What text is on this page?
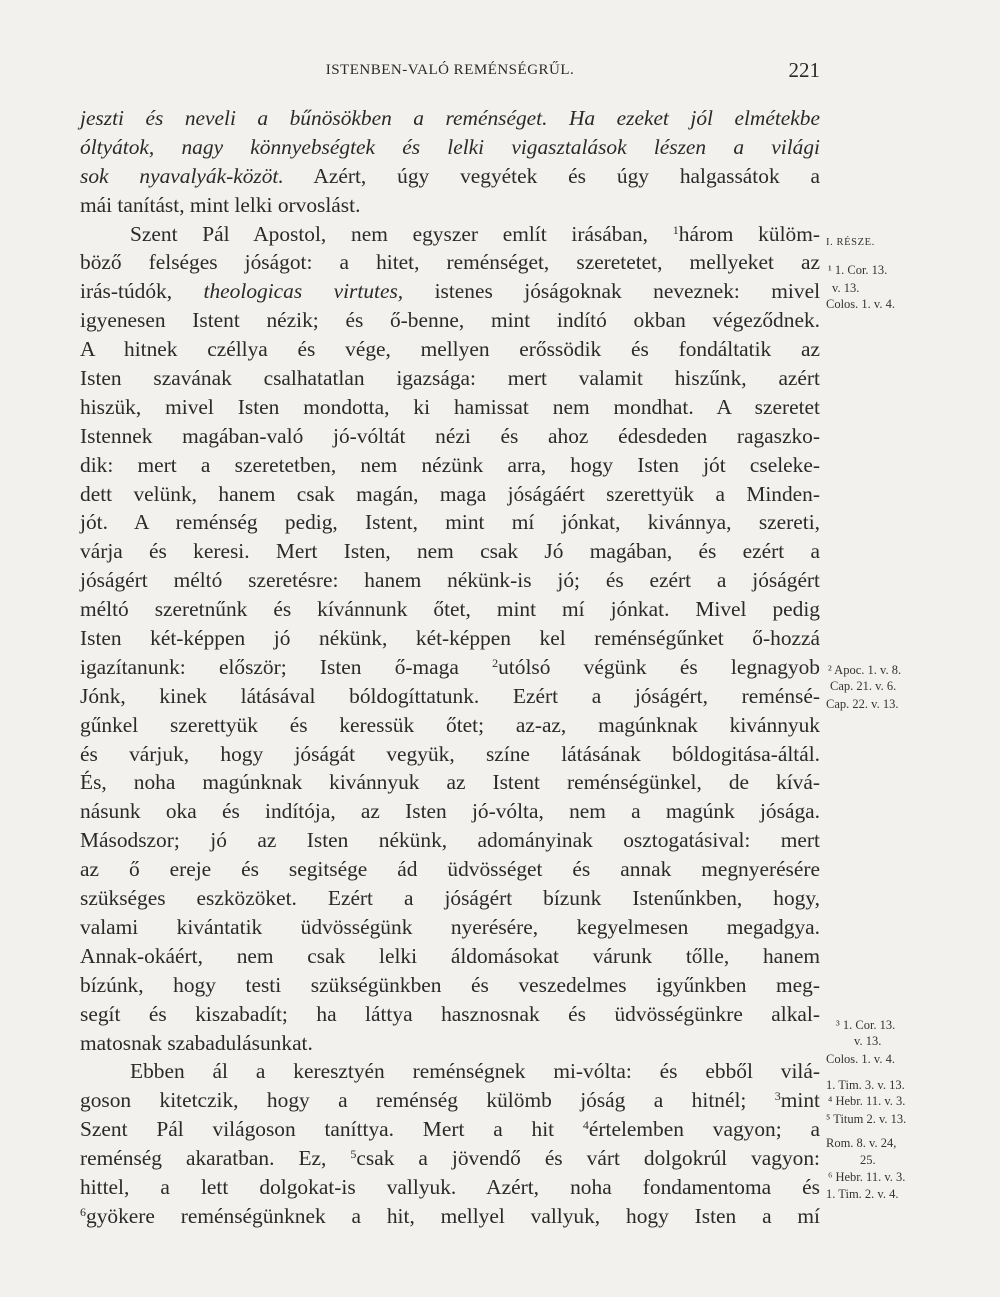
ISTENBEN-VALÓ REMÉNSÉGRŰL.	221
jeszti és neveli a bűnösökben a reménséget. Ha ezeket jól elmétekbe
óltyátok, nagy könnyebségtek és lelki vigasztalások lészen a világi
sok nyavalyák-közöt. Azért, úgy vegyétek és úgy halgassátok a
mái tanítást, mint lelki orvoslást.
Szent Pál Apostol, nem egyszer említ irásában, $^1$három külöm-
böző felséges jóságot: a hitet, reménséget, szeretetet, mellyeket az
irás-túdók, theologicas virtutes, istenes jóságoknak neveznek: mivel
igyenesen Istent nézik; és ő-benne, mint indító okban végeződnek.
A hitnek czéllya és vége, mellyen erőssödik és fondáltatik az
Isten szavának csalhatatlan igazsága: mert valamit hiszűnk, azért
hiszük, mivel Isten mondotta, ki hamissat nem mondhat. A szeretet
Istennek magában-való jó-vóltát nézi és ahoz édesdeden ragaszko-
dik: mert a szeretetben, nem nézünk arra, hogy Isten jót cseleke-
dett velünk, hanem csak magán, maga jóságáért szerettyük a Minden-
jót. A reménség pedig, Istent, mint mí jónkat, kivánnya, szereti,
várja és keresi. Mert Isten, nem csak Jó magában, és ezért a
jóságért méltó szeretésre: hanem nékünk-is jó; és ezért a jóságért
méltó szeretnűnk és kívánnunk őtet, mint mí jónkat. Mivel pedig
Isten két-képpen jó nékünk, két-képpen kel reménségűnket ő-hozzá
igazítanunk: először; Isten ő-maga $^2$utólsó végünk és legnagyob
Jónk, kinek látásával bóldogíttatunk. Ezért a jóságért, reménsé-
gűnkel szerettyük és keressük őtet; az-az, magúnknak kivánnyuk
és várjuk, hogy jóságát vegyük, színe látásának bóldogitása-áltál.
És, noha magúnknak kivánnyuk az Istent reménségünkel, de kívá-
násunk oka és indítója, az Isten jó-vólta, nem a magúnk jósága.
Másodszor; jó az Isten nékünk, adományinak osztogatásival: mert
az ő ereje és segitsége ád üdvösséget és annak megnyerésére
szükséges eszközöket. Ezért a jóságért bízunk Istenűnkben, hogy,
valami kivántatik üdvösségünk nyerésére, kegyelmesen megadgya.
Annak-okáért, nem csak lelki áldomásokat várunk tőlle, hanem
bízúnk, hogy testi szükségünkben és veszedelmes igyűnkben meg-
segít és kiszabadít; ha láttya hasznosnak és üdvösségünkre alkal-
matosnak szabadulásunkat.
Ebben ál a keresztyén reménségnek mi-vólta: és ebből vilá-
goson kitetczik, hogy a reménség külömb jóság a hitnél; $^3$mint
Szent Pál világoson taníttya. Mert a hit $^4$értelemben vagyon; a
reménség akaratban. Ez, $^5$csak a jövendő és várt dolgokrúl vagyon:
hittel, a lett dolgokat-is vallyuk. Azért, noha fondamentoma és
$^6$gyökere reménségünknek a hit, mellyel vallyuk, hogy Isten a mí
I. RÉSZE.
¹ 1. Cor. 13.
v. 13.
Colos. 1. v. 4.
² Apoc. 1. v. 8.
Cap. 21. v. 6.
Cap. 22. v. 13.
³ 1. Cor. 13.
v. 13.
Colos. 1. v. 4.
1. Tim. 3. v. 13.
⁴ Hebr. 11. v. 3.
⁵ Titum 2. v. 13.
Rom. 8. v. 24,
25.
⁶ Hebr. 11. v. 3.
1. Tim. 2. v. 4.
